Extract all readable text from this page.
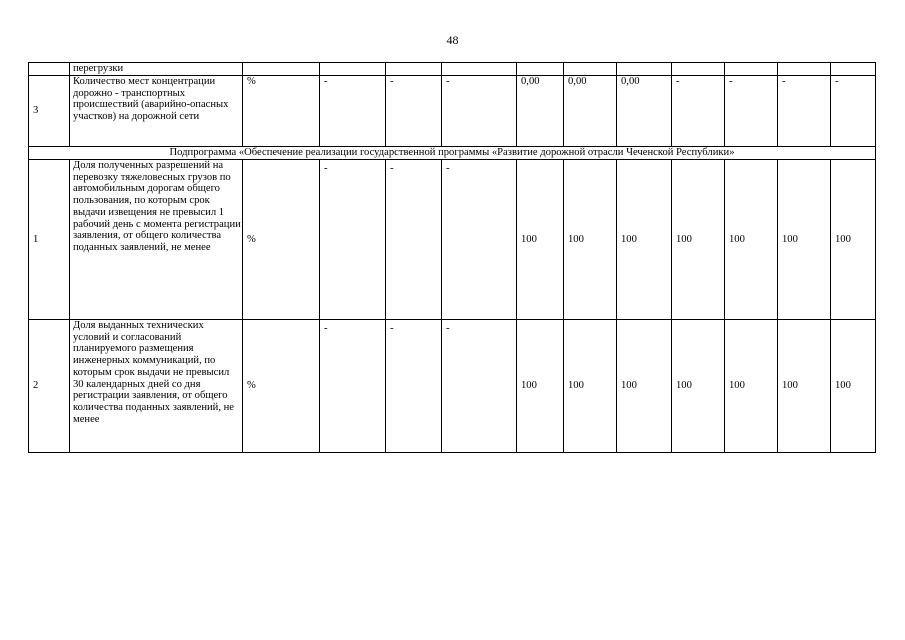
48
	перегрузки											
3	Количество мест концентрации дорожно - транспортных происшествий (аварийно-опасных участков) на дорожной сети	%	-	-	-	0,00	0,00	0,00	-	-	-	-
Подпрограмма «Обеспечение реализации государственной программы «Развитие дорожной отрасли Чеченской Республики»												
1	Доля полученных разрешений на перевозку тяжеловесных грузов по автомобильным дорогам общего пользования, по которым срок выдачи извещения не превысил 1 рабочий день с момента регистрации заявления, от общего количества поданных заявлений, не менее	%	-	-	-	100	100	100	100	100	100	100
2	Доля выданных технических условий и согласований планируемого размещения инженерных коммуникаций, по которым срок выдачи не превысил 30 календарных дней со дня регистрации заявления, от общего количества поданных заявлений, не менее	%	-	-	-	100	100	100	100	100	100	100
